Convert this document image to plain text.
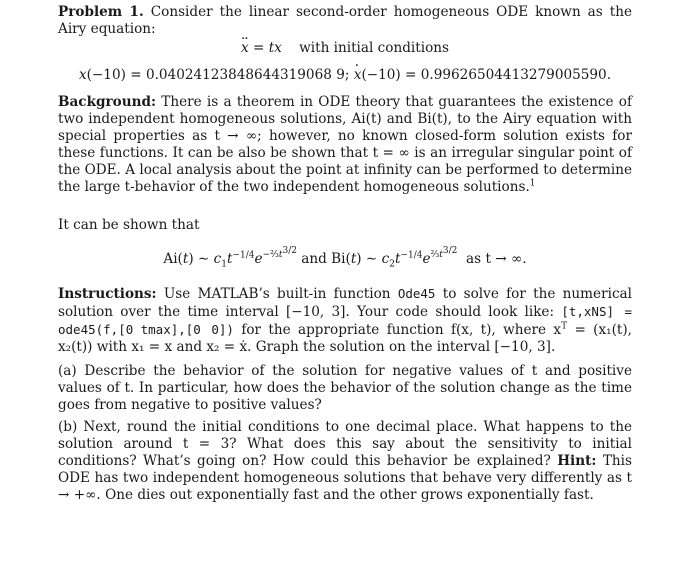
Problem 1. Consider the linear second-order homogeneous ODE known as the Airy equation:
·· x = tx with initial conditions
x(−10) = 0.04024123848644319068 9; · x(−10) = 0.99626504413279005590.
Background: There is a theorem in ODE theory that guarantees the existence of two independent homogeneous solutions, Ai(t) and Bi(t), to the Airy equation with special properties as t → ∞; however, no known closed-form solution exists for these functions. It can be also be shown that t = ∞ is an irregular singular point of the ODE. A local analysis about the point at infinity can be performed to determine the large t-behavior of the two independent homogeneous solutions.$^1$
It can be shown that
Ai(t) ∼ $c_1t^{-1/4}e^{-\frac{2}{3}t^{3/2}}$ and Bi(t) ∼ $c_2t^{-1/4}e^{\frac{2}{3}t^{3/2}}$ as t → ∞.
Instructions: Use MATLAB’s built-in function Ode45 to solve for the numerical solution over the time interval [−10, 3]. Your code should look like: [t,xNS] = ode45(f,[0 tmax],[0 0]) for the appropriate function f(x, t), where $x^T = (x_1(t)$, x₂(t)) with x₁ = x and x₂ = ẋ. Graph the solution on the interval [−10, 3].
(a) Describe the behavior of the solution for negative values of t and positive values of t. In particular, how does the behavior of the solution change as the time goes from negative to positive values?
(b) Next, round the initial conditions to one decimal place. What happens to the solution around t = 3? What does this say about the sensitivity to initial conditions? What’s going on? How could this behavior be explained? Hint: This ODE has two independent homogeneous solutions that behave very differently as t → +∞. One dies out exponentially fast and the other grows exponentially fast.
